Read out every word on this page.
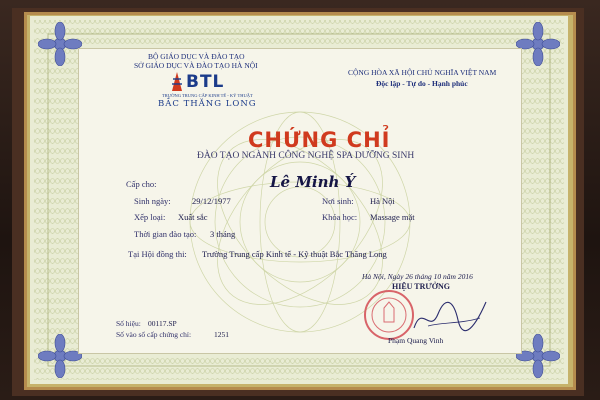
BỘ GIÁO DỤC VÀ ĐÀO TẠO
SỞ GIÁO DỤC VÀ ĐÀO TẠO HÀ NỘI
BTL
TRƯỜNG TRUNG CẤP KINH TẾ - KỸ THUẬT
BẮC THĂNG LONG
CỘNG HÒA XÃ HỘI CHỦ NGHĨA VIỆT NAM
Độc lập - Tự do - Hạnh phúc
CHỨNG CHỈ
ĐÀO TẠO NGÀNH CÔNG NGHỆ SPA DƯỠNG SINH
Cấp cho:	Lê Minh Ý
Sinh ngày:	29/12/1977	Nơi sinh: Hà Nội
Xếp loại: Xuất sắc	Khóa học: Massage mặt
Thời gian đào tạo: 3 tháng
Tại Hội đồng thi: Trường Trung cấp Kinh tế - Kỹ thuật Bắc Thăng Long
Hà Nội, Ngày 26 tháng 10 năm 2016
HIỆU TRƯỞNG
Phạm Quang Vinh
Số hiệu: 00117.SP
Số vào sổ cấp chứng chỉ:	1251
